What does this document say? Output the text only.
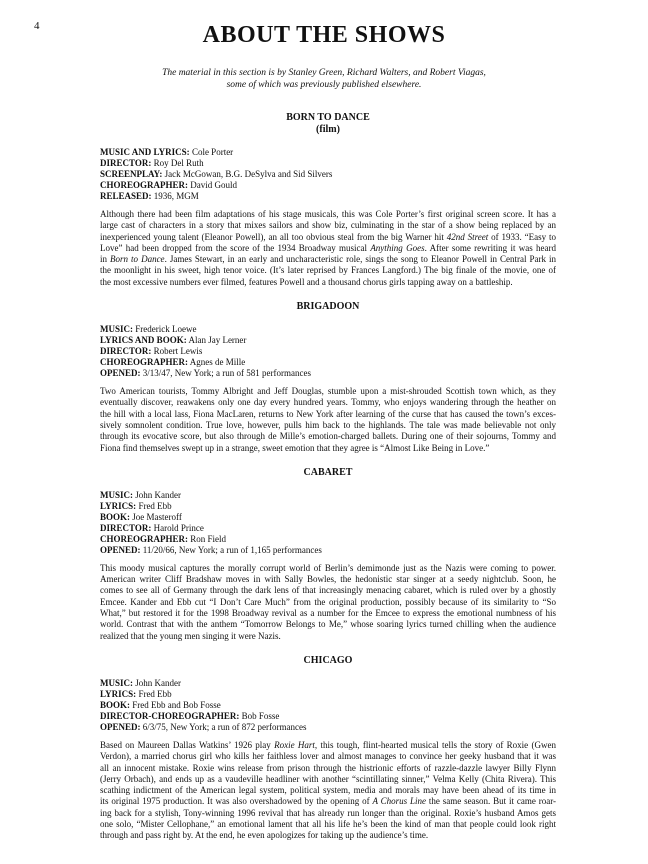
4	ABOUT THE SHOWS
The material in this section is by Stanley Green, Richard Walters, and Robert Viagas,
some of which was previously published elsewhere.
BORN TO DANCE
(film)
MUSIC AND LYRICS: Cole Porter
DIRECTOR: Roy Del Ruth
SCREENPLAY: Jack McGowan, B.G. DeSylva and Sid Silvers
CHOREOGRAPHER: David Gould
RELEASED: 1936, MGM
Although there had been film adaptations of his stage musicals, this was Cole Porter’s first original screen score. It has a
large cast of characters in a story that mixes sailors and show biz, culminating in the star of a show being replaced by an
inexperienced young talent (Eleanor Powell), an all too obvious steal from the big Warner hit 42nd Street of 1933. “Easy to
Love” had been dropped from the score of the 1934 Broadway musical Anything Goes. After some rewriting it was heard
in Born to Dance. James Stewart, in an early and uncharacteristic role, sings the song to Eleanor Powell in Central Park in
the moonlight in his sweet, high tenor voice. (It’s later reprised by Frances Langford.) The big finale of the movie, one of
the most excessive numbers ever filmed, features Powell and a thousand chorus girls tapping away on a battleship.
BRIGADOON
MUSIC: Frederick Loewe
LYRICS AND BOOK: Alan Jay Lerner
DIRECTOR: Robert Lewis
CHOREOGRAPHER: Agnes de Mille
OPENED: 3/13/47, New York; a run of 581 performances
Two American tourists, Tommy Albright and Jeff Douglas, stumble upon a mist-shrouded Scottish town which, as they
eventually discover, reawakens only one day every hundred years. Tommy, who enjoys wandering through the heather on
the hill with a local lass, Fiona MacLaren, returns to New York after learning of the curse that has caused the town’s exces-
sively somnolent condition. True love, however, pulls him back to the highlands. The tale was made believable not only
through its evocative score, but also through de Mille’s emotion-charged ballets. During one of their sojourns, Tommy and
Fiona find themselves swept up in a strange, sweet emotion that they agree is “Almost Like Being in Love.”
CABARET
MUSIC: John Kander
LYRICS: Fred Ebb
BOOK: Joe Masteroff
DIRECTOR: Harold Prince
CHOREOGRAPHER: Ron Field
OPENED: 11/20/66, New York; a run of 1,165 performances
This moody musical captures the morally corrupt world of Berlin’s demimonde just as the Nazis were coming to power.
American writer Cliff Bradshaw moves in with Sally Bowles, the hedonistic star singer at a seedy nightclub. Soon, he
comes to see all of Germany through the dark lens of that increasingly menacing cabaret, which is ruled over by a ghostly
Emcee. Kander and Ebb cut “I Don’t Care Much” from the original production, possibly because of its similarity to “So
What,” but restored it for the 1998 Broadway revival as a number for the Emcee to express the emotional numbness of his
world. Contrast that with the anthem “Tomorrow Belongs to Me,” whose soaring lyrics turned chilling when the audience
realized that the young men singing it were Nazis.
CHICAGO
MUSIC: John Kander
LYRICS: Fred Ebb
BOOK: Fred Ebb and Bob Fosse
DIRECTOR-CHOREOGRAPHER: Bob Fosse
OPENED: 6/3/75, New York; a run of 872 performances
Based on Maureen Dallas Watkins’ 1926 play Roxie Hart, this tough, flint-hearted musical tells the story of Roxie (Gwen
Verdon), a married chorus girl who kills her faithless lover and almost manages to convince her geeky husband that it was
all an innocent mistake. Roxie wins release from prison through the histrionic efforts of razzle-dazzle lawyer Billy Flynn
(Jerry Orbach), and ends up as a vaudeville headliner with another “scintillating sinner,” Velma Kelly (Chita Rivera). This
scathing indictment of the American legal system, political system, media and morals may have been ahead of its time in
its original 1975 production. It was also overshadowed by the opening of A Chorus Line the same season. But it came roar-
ing back for a stylish, Tony-winning 1996 revival that has already run longer than the original. Roxie’s husband Amos gets
one solo, “Mister Cellophane,” an emotional lament that all his life he’s been the kind of man that people could look right
through and pass right by. At the end, he even apologizes for taking up the audience’s time.
